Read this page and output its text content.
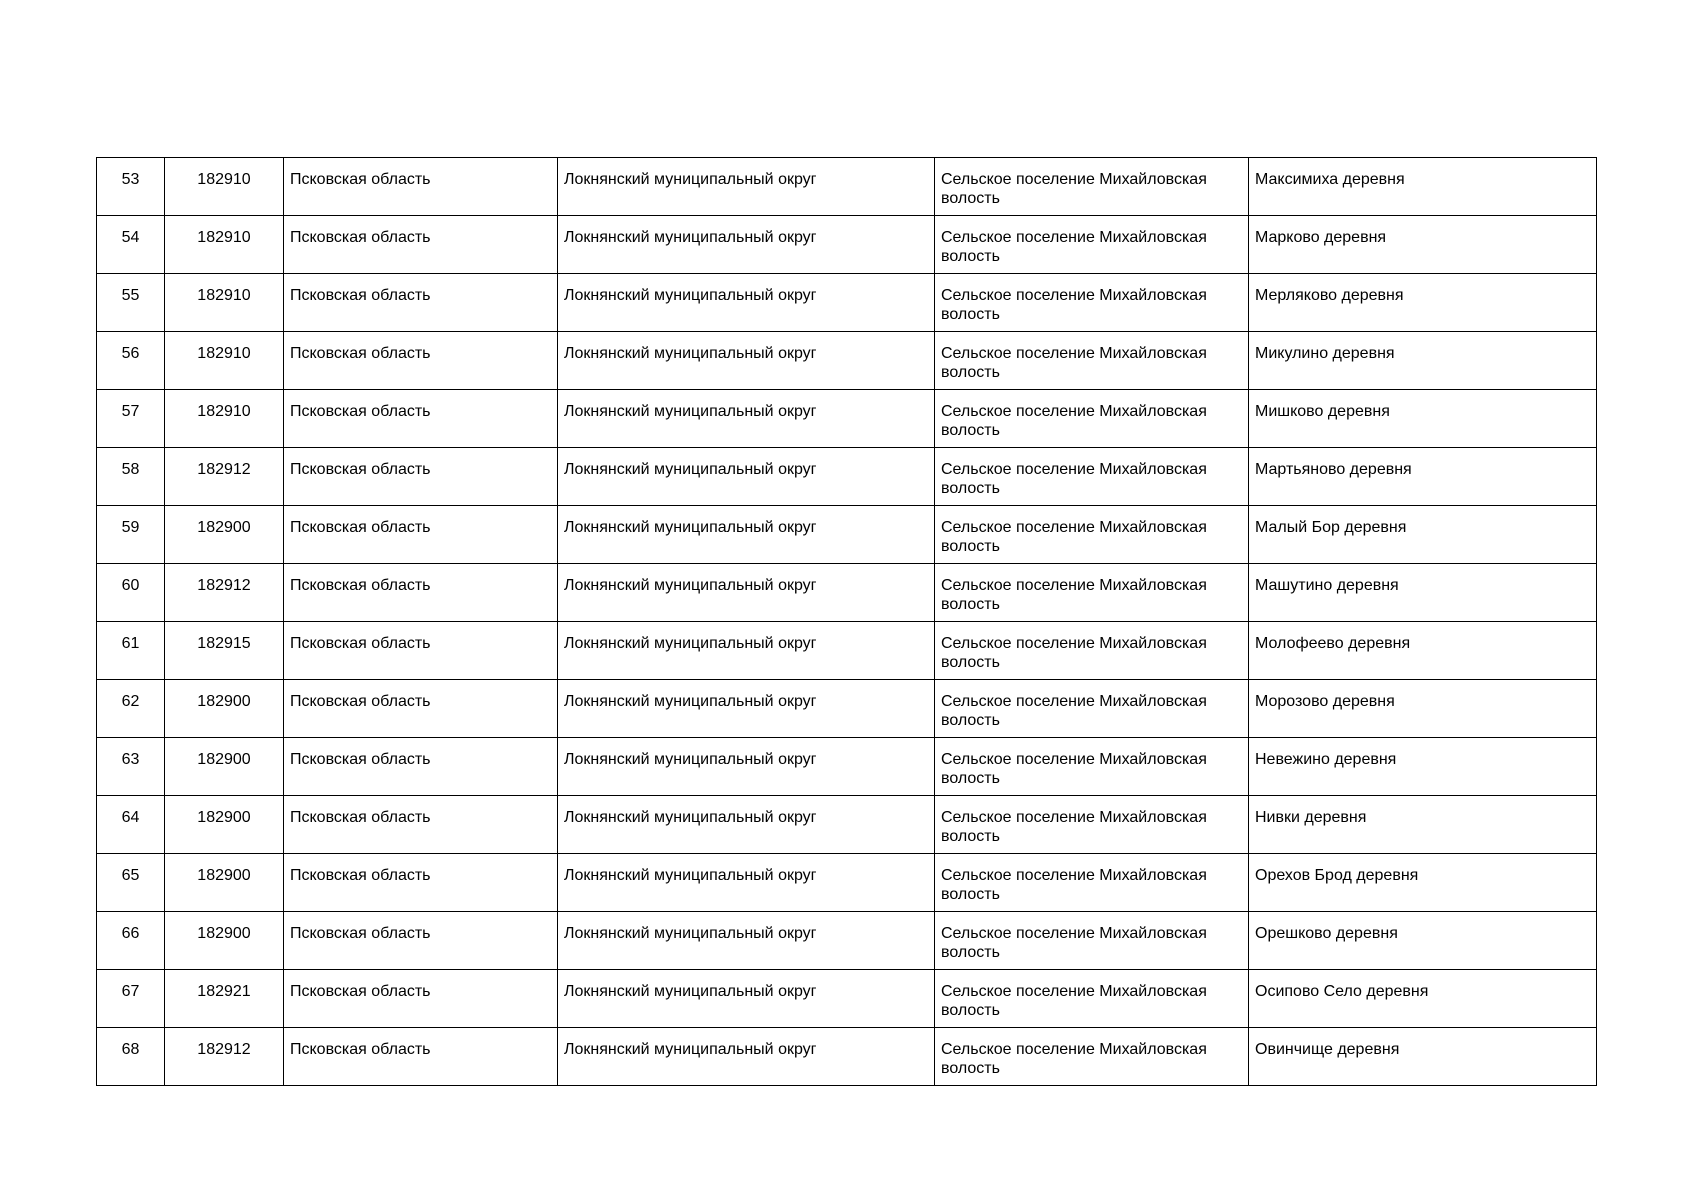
53	182910	Псковская область	Локнянский муниципальный округ	Сельское поселение Михайловская волость	Максимиха деревня
54	182910	Псковская область	Локнянский муниципальный округ	Сельское поселение Михайловская волость	Марково деревня
55	182910	Псковская область	Локнянский муниципальный округ	Сельское поселение Михайловская волость	Мерляково деревня
56	182910	Псковская область	Локнянский муниципальный округ	Сельское поселение Михайловская волость	Микулино деревня
57	182910	Псковская область	Локнянский муниципальный округ	Сельское поселение Михайловская волость	Мишково деревня
58	182912	Псковская область	Локнянский муниципальный округ	Сельское поселение Михайловская волость	Мартьяново деревня
59	182900	Псковская область	Локнянский муниципальный округ	Сельское поселение Михайловская волость	Малый Бор деревня
60	182912	Псковская область	Локнянский муниципальный округ	Сельское поселение Михайловская волость	Машутино деревня
61	182915	Псковская область	Локнянский муниципальный округ	Сельское поселение Михайловская волость	Молофеево деревня
62	182900	Псковская область	Локнянский муниципальный округ	Сельское поселение Михайловская волость	Морозово деревня
63	182900	Псковская область	Локнянский муниципальный округ	Сельское поселение Михайловская волость	Невежино деревня
64	182900	Псковская область	Локнянский муниципальный округ	Сельское поселение Михайловская волость	Нивки деревня
65	182900	Псковская область	Локнянский муниципальный округ	Сельское поселение Михайловская волость	Орехов Брод деревня
66	182900	Псковская область	Локнянский муниципальный округ	Сельское поселение Михайловская волость	Орешково деревня
67	182921	Псковская область	Локнянский муниципальный округ	Сельское поселение Михайловская волость	Осипово Село деревня
68	182912	Псковская область	Локнянский муниципальный округ	Сельское поселение Михайловская волость	Овинчище деревня
